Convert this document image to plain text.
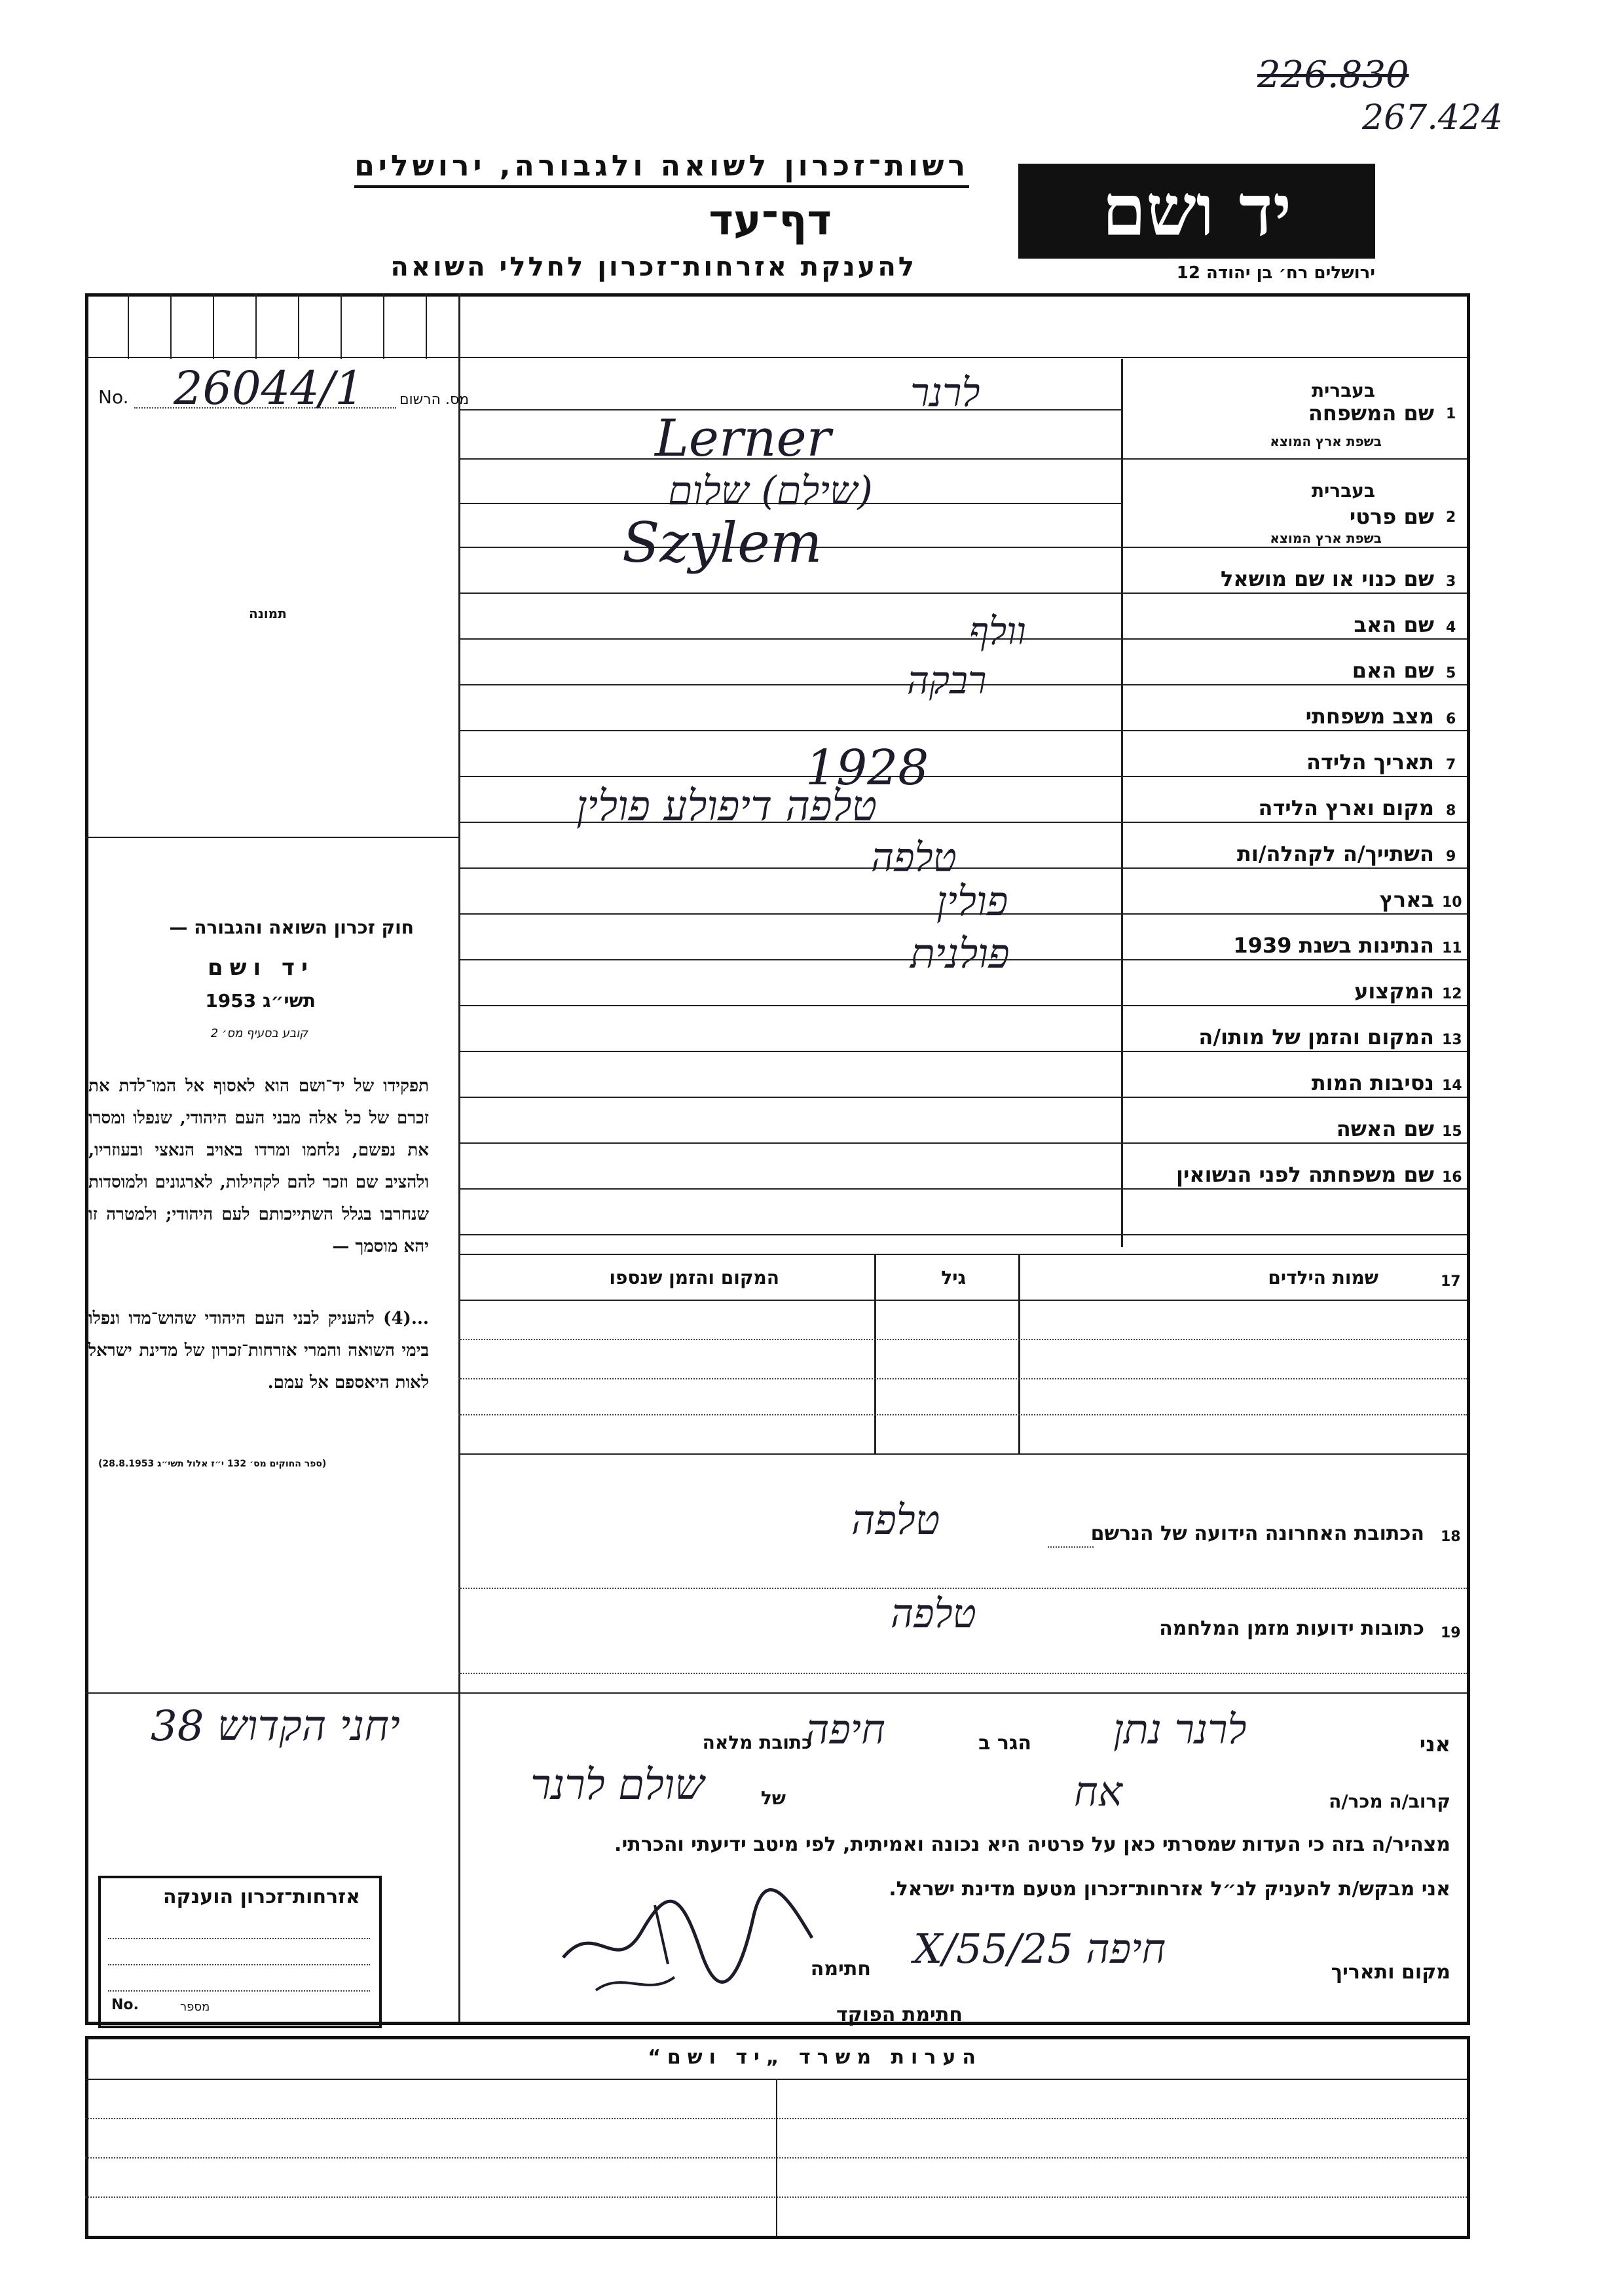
226.830
267.424
רשות־זכרון לשואה ולגבורה, ירושלים
דף־עד
להענקת אזרחות־זכרון לחללי השואה
יד ושם
ירושלים רח׳ בן יהודה 12
No. 26044/1 מס. הרשום
תמונה
חוק זכרון השואה והגבורה —
יד ושם
תשי״ג 1953
קובע בסעיף מס׳ 2
תפקידו של יד־ושם הוא לאסוף אל המו־לדת את זכרם של כל אלה מבני העם היהודי, שנפלו ומסרו את נפשם, נלחמו ומרדו באויב הנאצי ובעוזריו, ולהציב שם וזכר להם לקהילות, לארגונים ולמוסדות שנחרבו בגלל השתייכותם לעם היהודי; ולמטרה זו יהא מוסמך —
...(4) להעניק לבני העם היהודי שהוש־מדו ונפלו בימי השואה והמרי אזרחות־זכרון של מדינת ישראל לאות היאספם אל עמם.
(ספר החוקים מס׳ 132 י״ז אלול תשי״ג 28.8.1953)
1
שם המשפחה
בעברית
בשפת ארץ המוצא
לרנר
Lerner
2
שם פרטי
בעברית
בשפת ארץ המוצא
(שילם) שלום
Szylem
3
שם כנוי או שם מושאל
4
שם האב
וולף
5
שם האם
רבקה
6
מצב משפחתי
7
תאריך הלידה
1928
8
מקום וארץ הלידה
טלפה דיפולע פולין
9
השתייך/ה לקהלה/ות
טלפה
10
בארץ
פולין
11
הנתינות בשנת 1939
פולנית
12
המקצוע
13
המקום והזמן של מותו/ה
14
נסיבות המות
15
שם האשה
16
שם משפחתה לפני הנשואין
17
שמות הילדים
גיל
המקום והזמן שנספו
18
הכתובת האחרונה הידועה של הנרשם
טלפה
19
כתובות ידועות מזמן המלחמה
טלפה
אני
לרנר נתן
הגר ב
חיפה
כתובת מלאה
יחני הקדוש 38
קרוב/ה מכר/ה
אח
של
שולם לרנר
מצהיר/ה בזה כי העדות שמסרתי כאן על פרטיה היא נכונה ואמיתית, לפי מיטב ידיעתי והכרתי.
אני מבקש/ת להעניק לנ״ל אזרחות־זכרון מטעם מדינת ישראל.
מקום ותאריך
חיפה 25/X/55
חתימה
חתימת הפוקד
אזרחות־זכרון הוענקה
No.	מספר
הערות משרד „יד ושם“
